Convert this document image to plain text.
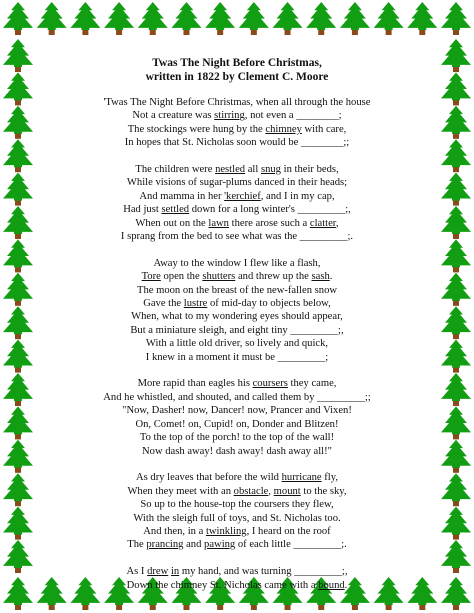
Twas The Night Before Christmas,
written in 1822 by Clement C. Moore
'Twas The Night Before Christmas, when all through the house
Not a creature was stirring, not even a ________;
The stockings were hung by the chimney with care,
In hopes that St. Nicholas soon would be ________;;
The children were nestled all snug in their beds,
While visions of sugar-plums danced in their heads;
And mamma in her 'kerchief, and I in my cap,
Had just settled down for a long winter's _________;,
When out on the lawn there arose such a clatter,
I sprang from the bed to see what was the _________;.
Away to the window I flew like a flash,
Tore open the shutters and threw up the sash.
The moon on the breast of the new-fallen snow
Gave the lustre of mid-day to objects below,
When, what to my wondering eyes should appear,
But a miniature sleigh, and eight tiny _________;,
With a little old driver, so lively and quick,
I knew in a moment it must be _________;
More rapid than eagles his coursers they came,
And he whistled, and shouted, and called them by _________;;
"Now, Dasher! now, Dancer! now, Prancer and Vixen!
On, Comet! on, Cupid! on, Donder and Blitzen!
To the top of the porch! to the top of the wall!
Now dash away! dash away! dash away all!"
As dry leaves that before the wild hurricane fly,
When they meet with an obstacle, mount to the sky,
So up to the house-top the coursers they flew,
With the sleigh full of toys, and St. Nicholas too.
And then, in a twinkling, I heard on the roof
The prancing and pawing of each little _________;.
As I drew in my hand, and was turning _________;,
Down the chimney St. Nicholas came with a bound.
